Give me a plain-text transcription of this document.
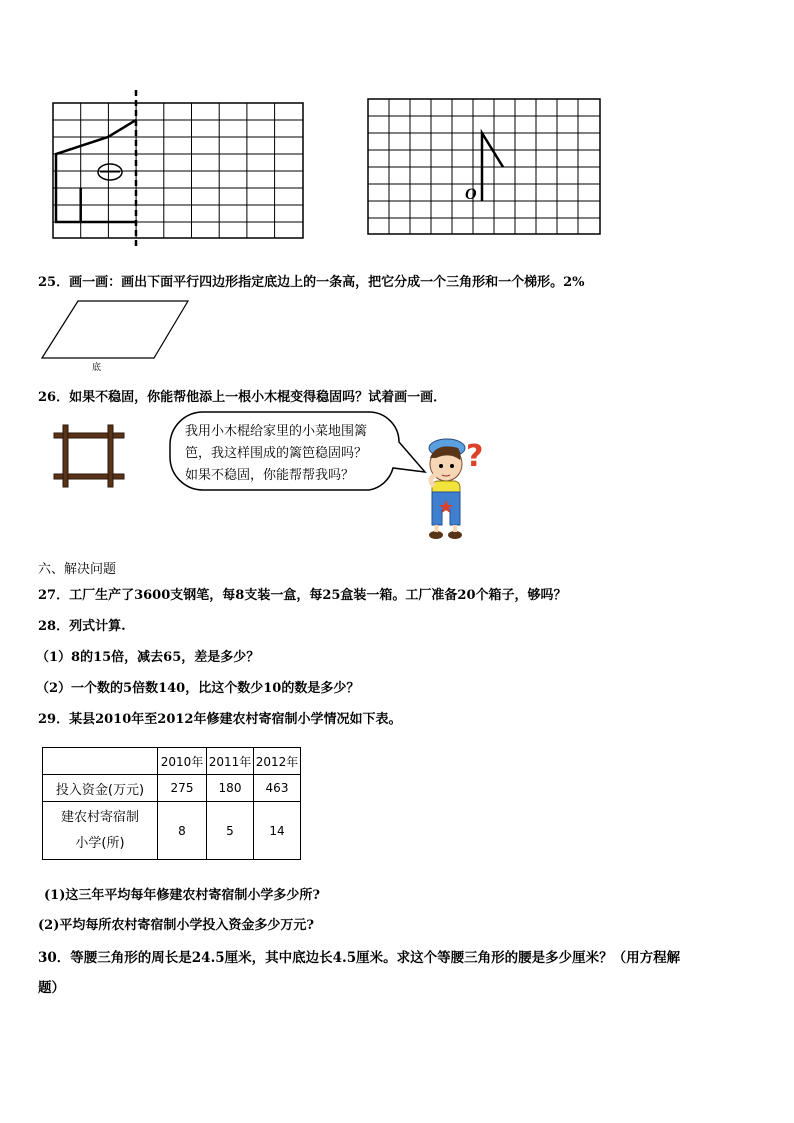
O
25．画一画：画出下面平行四边形指定底边上的一条高，把它分成一个三角形和一个梯形。2%
底
26．如果不稳固，你能帮他添上一根小木棍变得稳固吗？试着画一画．
我用小木棍给家里的小菜地围篱
笆，我这样围成的篱笆稳固吗？
如果不稳固，你能帮帮我吗？
?
六、解决问题
27．工厂生产了3600支钢笔，每8支装一盒，每25盒装一箱。工厂准备20个箱子，够吗？
28．列式计算.
（1）8的15倍，减去65，差是多少？
（2）一个数的5倍数140，比这个数少10的数是多少？
29．某县2010年至2012年修建农村寄宿制小学情况如下表。
	2010年	2011年	2012年
投入资金(万元)	275	180	463

建农村寄宿制
小学(所)	8	5	14
(1)这三年平均每年修建农村寄宿制小学多少所?
(2)平均每所农村寄宿制小学投入资金多少万元?
30．等腰三角形的周长是24.5厘米，其中底边长4.5厘米。求这个等腰三角形的腰是多少厘米？（用方程解
题）
